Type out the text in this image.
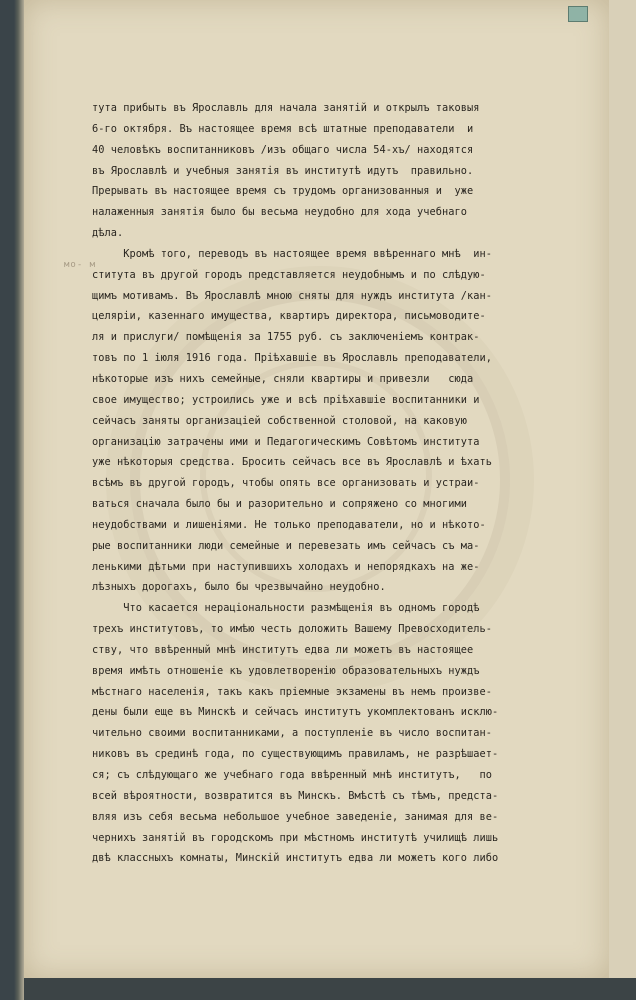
мо- м
тута прибыть въ Ярославль для начала занятій и открылъ таковыя
6-го октября. Въ настоящее время всѣ штатные преподаватели  и
40 человѣкъ воспитанниковъ /изъ общаго числа 54-хъ/ находятся
въ Ярославлѣ и учебныя занятія въ институтѣ идутъ  правильно.
Прерывать въ настоящее время съ трудомъ организованныя и  уже
налаженныя занятія было бы весьма неудобно для хода учебнаго
дѣла.
Кромѣ того, переводъ въ настоящее время ввѣреннаго мнѣ  ин-
ститута въ другой городъ представляется неудобнымъ и по слѣдую-
щимъ мотивамъ. Въ Ярославлѣ мною сняты для нуждъ института /кан-
целяріи, казеннаго имущества, квартиръ директора, письмоводите-
ля и прислуги/ помѣщенія за 1755 руб. съ заключеніемъ контрак-
товъ по 1 іюля 1916 года. Пріѣхавшіе въ Ярославль преподаватели,
нѣкоторые изъ нихъ семейные, сняли квартиры и привезли   сюда
свое имущество; устроились уже и всѣ пріѣхавшіе воспитанники и
сейчасъ заняты организаціей собственной столовой, на каковую
организацію затрачены ими и Педагогическимъ Совѣтомъ института
уже нѣкоторыя средства. Бросить сейчасъ все въ Ярославлѣ и ѣхать
всѣмъ въ другой городъ, чтобы опять все организовать и устраи-
ваться сначала было бы и разорительно и сопряжено со многими
неудобствами и лишеніями. Не только преподаватели, но и нѣкото-
рые воспитанники люди семейные и перевезать имъ сейчасъ съ ма-
ленькими дѣтьми при наступившихъ холодахъ и непорядкахъ на же-
лѣзныхъ дорогахъ, было бы чрезвычайно неудобно.
Что касается нераціональности размѣщенія въ одномъ городѣ
трехъ институтовъ, то имѣю честь доложить Вашему Превосходитель-
ству, что ввѣренный мнѣ институтъ едва ли можетъ въ настоящее
время имѣть отношеніе къ удовлетворенію образовательныхъ нуждъ
мѣстнаго населенія, такъ какъ пріемные экзамены въ немъ произве-
дены были еще въ Минскѣ и сейчасъ институтъ укомплектованъ исклю-
чительно своими воспитанниками, а поступленіе въ число воспитан-
никовъ въ срединѣ года, по существующимъ правиламъ, не разрѣшает-
ся; съ слѣдующаго же учебнаго года ввѣренный мнѣ институтъ,   по
всей вѣроятности, возвратится въ Минскъ. Вмѣстѣ съ тѣмъ, предста-
вляя изъ себя весьма небольшое учебное заведеніе, занимая для ве-
чернихъ занятій въ городскомъ при мѣстномъ институтѣ училищѣ лишь
двѣ классныхъ комнаты, Минскій институтъ едва ли можетъ кого либо
